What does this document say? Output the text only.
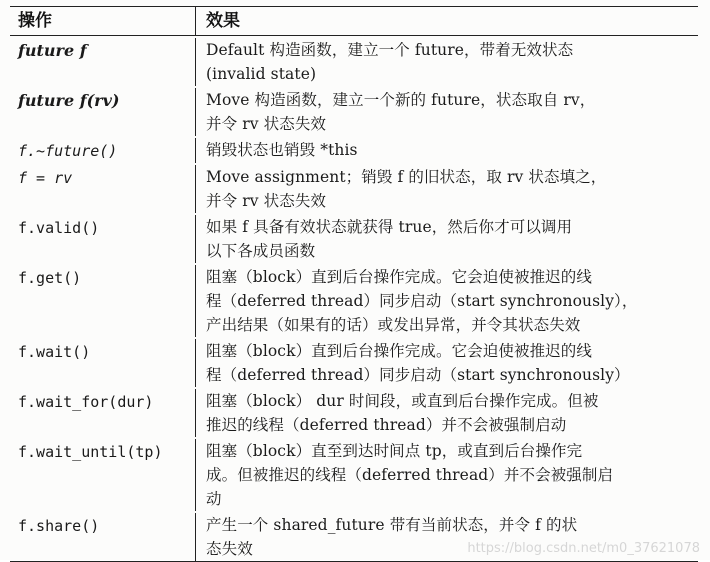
操作	效果
future f	Default 构造函数，建立一个 future，带着无效状态
(invalid state)
future f(rv)	Move 构造函数，建立一个新的 future，状态取自 rv，
并令 rv 状态失效
f.~future()	销毁状态也销毁 *this
f = rv	Move assignment；销毁 f 的旧状态，取 rv 状态填之，
并令 rv 状态失效
f.valid()	如果 f 具备有效状态就获得 true，然后你才可以调用
以下各成员函数
f.get()	阻塞（block）直到后台操作完成。它会迫使被推迟的线
程（deferred thread）同步启动（start synchronously），
产出结果（如果有的话）或发出异常，并令其状态失效
f.wait()	阻塞（block）直到后台操作完成。它会迫使被推迟的线
程（deferred thread）同步启动（start synchronously）
f.wait_for(dur)	阻塞（block） dur 时间段，或直到后台操作完成。但被
推迟的线程（deferred thread）并不会被强制启动
f.wait_until(tp)	阻塞（block）直至到达时间点 tp，或直到后台操作完
成。但被推迟的线程（deferred thread）并不会被强制启
动
f.share()	产生一个 shared_future 带有当前状态，并令 f 的状
态失效	https://blog.csdn.net/m0_37621078
